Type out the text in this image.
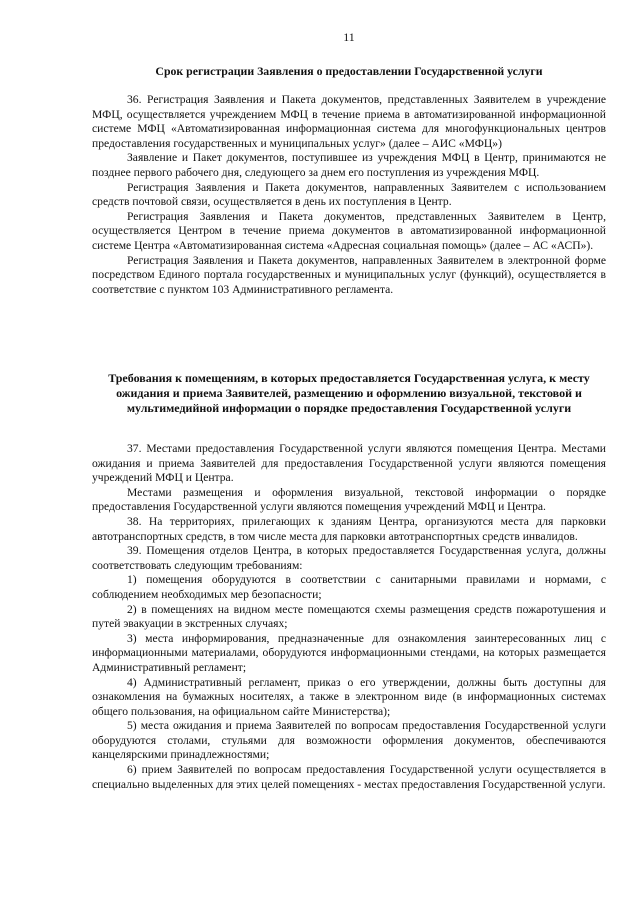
11
Срок регистрации Заявления о предоставлении Государственной услуги

36. Регистрация Заявления и Пакета документов, представленных Заявителем в учреждение МФЦ, осуществляется учреждением МФЦ в течение приема в автоматизированной информационной системе МФЦ «Автоматизированная информационная система для многофункциональных центров предоставления государственных и муниципальных услуг» (далее – АИС «МФЦ»)

Заявление и Пакет документов, поступившее из учреждения МФЦ в Центр, принимаются не позднее первого рабочего дня, следующего за днем его поступления из учреждения МФЦ.

Регистрация Заявления и Пакета документов, направленных Заявителем с использованием средств почтовой связи, осуществляется в день их поступления в Центр.

Регистрация Заявления и Пакета документов, представленных Заявителем в Центр, осуществляется Центром в течение приема документов в автоматизированной информационной системе Центра «Автоматизированная система «Адресная социальная помощь» (далее – АС «АСП»).

Регистрация Заявления и Пакета документов, направленных Заявителем в электронной форме посредством Единого портала государственных и муниципальных услуг (функций), осуществляется в соответствие с пунктом 103 Административного регламента.

Требования к помещениям, в которых предоставляется Государственная услуга, к месту ожидания и приема Заявителей, размещению и оформлению визуальной, текстовой и мультимедийной информации о порядке предоставления Государственной услуги

37. Местами предоставления Государственной услуги являются помещения Центра. Местами ожидания и приема Заявителей для предоставления Государственной услуги являются помещения учреждений МФЦ и Центра.

Местами размещения и оформления визуальной, текстовой информации о порядке предоставления Государственной услуги являются помещения учреждений МФЦ и Центра.

38. На территориях, прилегающих к зданиям Центра, организуются места для парковки автотранспортных средств, в том числе места для парковки автотранспортных средств инвалидов.

39. Помещения отделов Центра, в которых предоставляется Государственная услуга, должны соответствовать следующим требованиям:

1) помещения оборудуются в соответствии с санитарными правилами и нормами, с соблюдением необходимых мер безопасности;

2) в помещениях на видном месте помещаются схемы размещения средств пожаротушения и путей эвакуации в экстренных случаях;

3) места информирования, предназначенные для ознакомления заинтересованных лиц с информационными материалами, оборудуются информационными стендами, на которых размещается Административный регламент;

4) Административный регламент, приказ о его утверждении, должны быть доступны для ознакомления на бумажных носителях, а также в электронном виде (в информационных системах общего пользования, на официальном сайте Министерства);

5) места ожидания и приема Заявителей по вопросам предоставления Государственной услуги оборудуются столами, стульями для возможности оформления документов, обеспечиваются канцелярскими принадлежностями;

6) прием Заявителей по вопросам предоставления Государственной услуги осуществляется в специально выделенных для этих целей помещениях - местах предоставления Государственной услуги.
